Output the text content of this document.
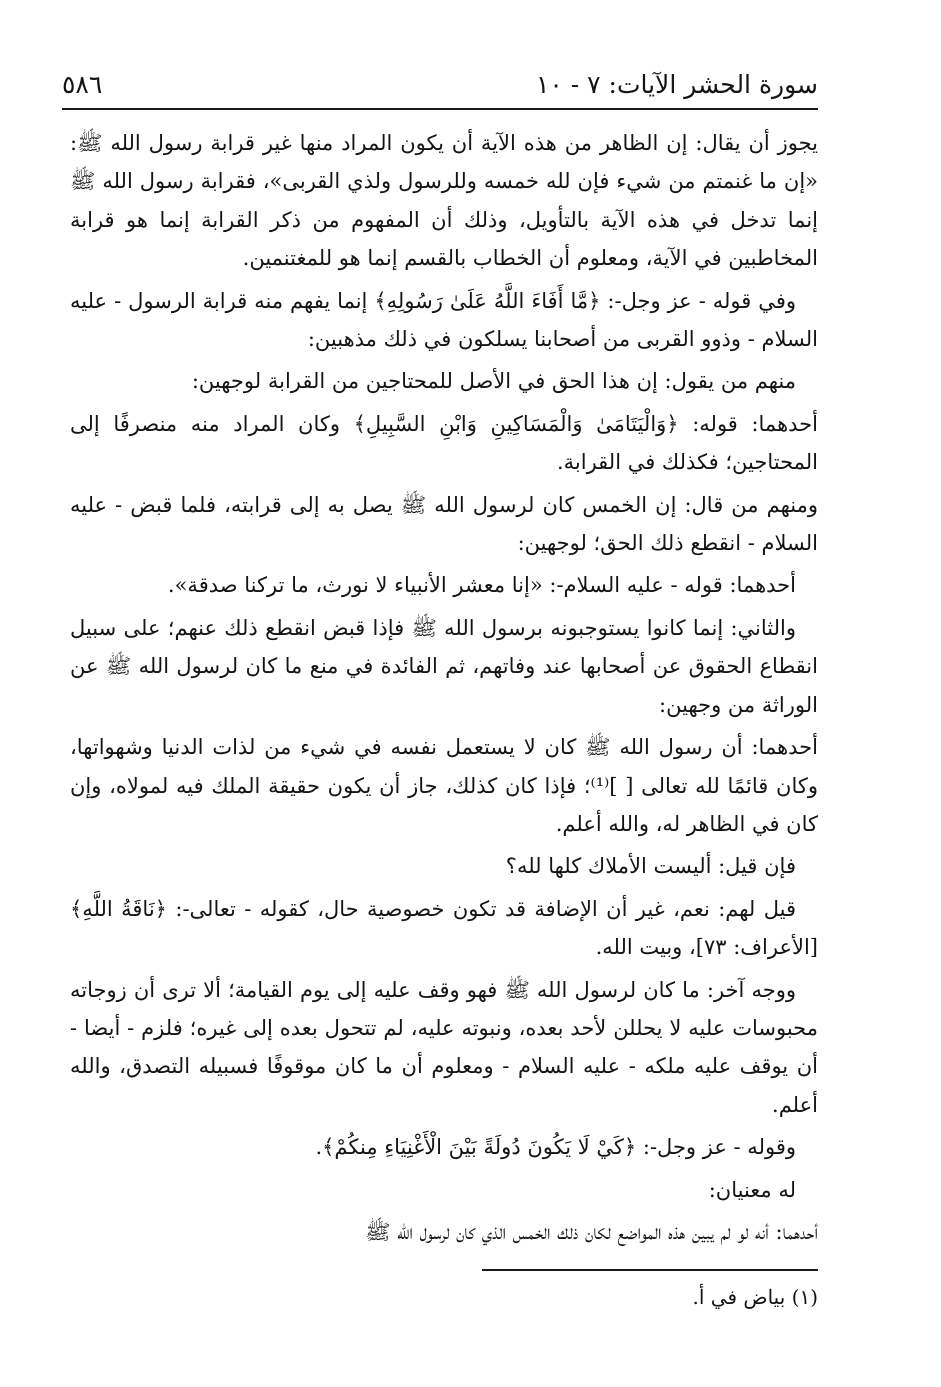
سورة الحشر الآيات: ٧ - ١٠
٥٨٦

يجوز أن يقال: إن الظاهر من هذه الآية أن يكون المراد منها غير قرابة رسول الله ﷺ: «إن ما غنمتم من شيء فإن لله خمسه وللرسول ولذي القربى»، فقرابة رسول الله ﷺ إنما تدخل في هذه الآية بالتأويل، وذلك أن المفهوم من ذكر القرابة إنما هو قرابة المخاطبين في الآية، ومعلوم أن الخطاب بالقسم إنما هو للمغتنمين.

وفي قوله - عز وجل-: ﴿مَّا أَفَاءَ اللَّهُ عَلَىٰ رَسُولِهِ﴾ إنما يفهم منه قرابة الرسول - عليه السلام - وذوو القربى من أصحابنا يسلكون في ذلك مذهبين:

منهم من يقول: إن هذا الحق في الأصل للمحتاجين من القرابة لوجهين:

أحدهما: قوله: ﴿وَالْيَتَامَىٰ وَالْمَسَاكِينِ وَابْنِ السَّبِيلِ﴾ وكان المراد منه منصرفًا إلى المحتاجين؛ فكذلك في القرابة.

ومنهم من قال: إن الخمس كان لرسول الله ﷺ يصل به إلى قرابته، فلما قبض - عليه السلام - انقطع ذلك الحق؛ لوجهين:

أحدهما: قوله - عليه السلام-: «إنا معشر الأنبياء لا نورث، ما تركنا صدقة».

والثاني: إنما كانوا يستوجبونه برسول الله ﷺ فإذا قبض انقطع ذلك عنهم؛ على سبيل انقطاع الحقوق عن أصحابها عند وفاتهم، ثم الفائدة في منع ما كان لرسول الله ﷺ عن الوراثة من وجهين:

أحدهما: أن رسول الله ﷺ كان لا يستعمل نفسه في شيء من لذات الدنيا وشهواتها، وكان قائمًا لله تعالى [ ]⁽¹⁾؛ فإذا كان كذلك، جاز أن يكون حقيقة الملك فيه لمولاه، وإن كان في الظاهر له، والله أعلم.

فإن قيل: أليست الأملاك كلها لله؟

قيل لهم: نعم، غير أن الإضافة قد تكون خصوصية حال، كقوله - تعالى-: ﴿نَاقَةُ اللَّهِ﴾ [الأعراف: ٧٣]، وبيت الله.

ووجه آخر: ما كان لرسول الله ﷺ فهو وقف عليه إلى يوم القيامة؛ ألا ترى أن زوجاته محبوسات عليه لا يحللن لأحد بعده، ونبوته عليه، لم تتحول بعده إلى غيره؛ فلزم - أيضا - أن يوقف عليه ملكه - عليه السلام - ومعلوم أن ما كان موقوفًا فسبيله التصدق، والله أعلم.

وقوله - عز وجل-: ﴿كَيْ لَا يَكُونَ دُولَةً بَيْنَ الْأَغْنِيَاءِ مِنكُمْ﴾.

له معنيان:

أحدهما: أنه لو لم يبين هذه المواضع لكان ذلك الخمس الذي كان لرسول الله ﷺ

(١) بياض في أ.
